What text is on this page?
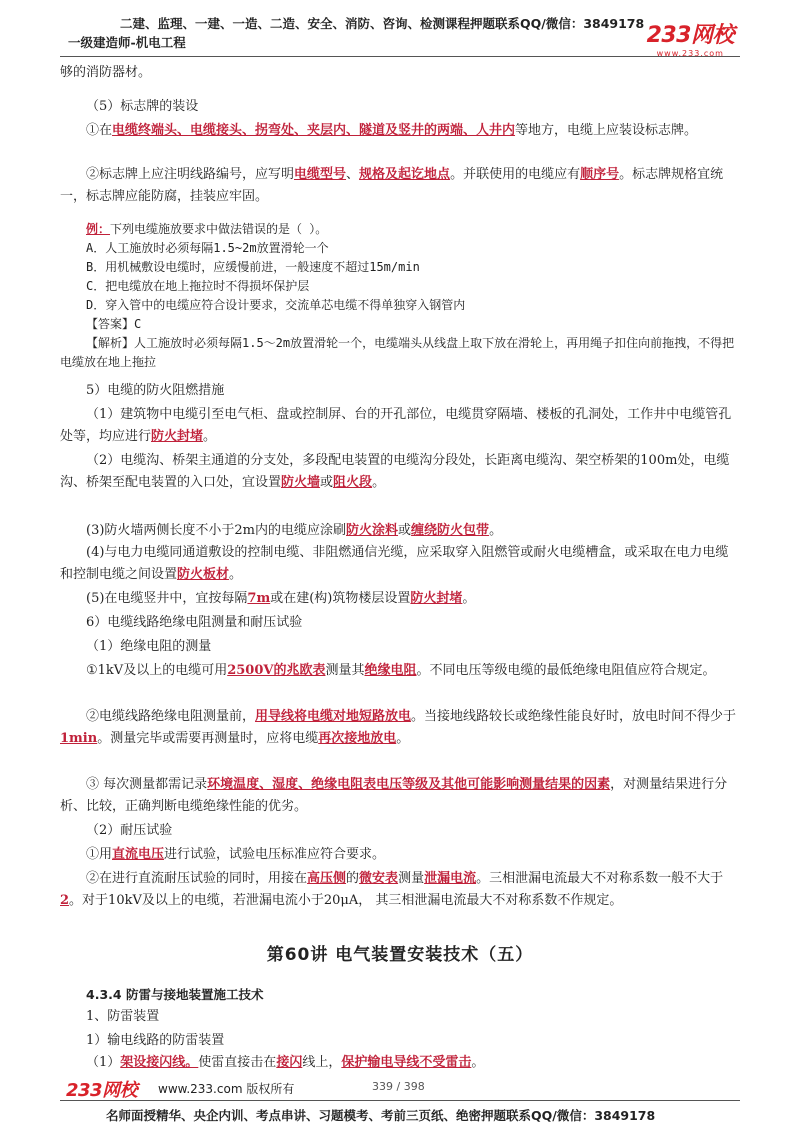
二建、监理、一建、一造、二造、安全、消防、咨询、检测课程押题联系QQ/微信：3849178
一级建造师-机电工程	233网校
www.233.com
够的消防器材。
（5）标志牌的装设
①在电缆终端头、电缆接头、拐弯处、夹层内、隧道及竖井的两端、人井内等地方，电缆上应装设标志牌。
②标志牌上应注明线路编号，应写明电缆型号、规格及起讫地点。并联使用的电缆应有顺序号。标志牌规格宜统一，标志牌应能防腐，挂装应牢固。
例：下列电缆施放要求中做法错误的是（ ）。
A．人工施放时必须每隔1.5~2m放置滑轮一个
B．用机械敷设电缆时，应缓慢前进，一般速度不超过15m/min
C．把电缆放在地上拖拉时不得损坏保护层
D．穿入管中的电缆应符合设计要求，交流单芯电缆不得单独穿入钢管内
【答案】C
【解析】人工施放时必须每隔1.5～2m放置滑轮一个，电缆端头从线盘上取下放在滑轮上，再用绳子扣住向前拖拽，不得把电缆放在地上拖拉
5）电缆的防火阻燃措施
（1）建筑物中电缆引至电气柜、盘或控制屏、台的开孔部位，电缆贯穿隔墙、楼板的孔洞处，工作井中电缆管孔处等，均应进行防火封堵。
（2）电缆沟、桥架主通道的分支处，多段配电装置的电缆沟分段处，长距离电缆沟、架空桥架的100m处，电缆沟、桥架至配电装置的入口处，宜设置防火墙或阻火段。
(3)防火墙两侧长度不小于2m内的电缆应涂刷防火涂料或缠绕防火包带。
(4)与电力电缆同通道敷设的控制电缆、非阻燃通信光缆，应采取穿入阻燃管或耐火电缆槽盒，或采取在电力电缆和控制电缆之间设置防火板材。
(5)在电缆竖井中，宜按每隔7m或在建(构)筑物楼层设置防火封堵。
6）电缆线路绝缘电阻测量和耐压试验
（1）绝缘电阻的测量
①1kV及以上的电缆可用2500V的兆欧表测量其绝缘电阻。不同电压等级电缆的最低绝缘电阻值应符合规定。
②电缆线路绝缘电阻测量前，用导线将电缆对地短路放电。当接地线路较长或绝缘性能良好时，放电时间不得少于1min。测量完毕或需要再测量时，应将电缆再次接地放电。
③ 每次测量都需记录环境温度、湿度、绝缘电阻表电压等级及其他可能影响测量结果的因素，对测量结果进行分析、比较，正确判断电缆绝缘性能的优劣。
（2）耐压试验
①用直流电压进行试验，试验电压标准应符合要求。
②在进行直流耐压试验的同时，用接在高压侧的微安表测量泄漏电流。三相泄漏电流最大不对称系数一般不大于2。对于10kV及以上的电缆，若泄漏电流小于20μA， 其三相泄漏电流最大不对称系数不作规定。
第60讲 电气装置安装技术（五）
4.3.4 防雷与接地装置施工技术
1、防雷装置
1）输电线路的防雷装置
（1）架设接闪线。使雷直接击在接闪线上，保护输电导线不受雷击。
233网校 www.233.com 版权所有	339 / 398
名师面授精华、央企内训、考点串讲、习题模考、考前三页纸、绝密押题联系QQ/微信：3849178
